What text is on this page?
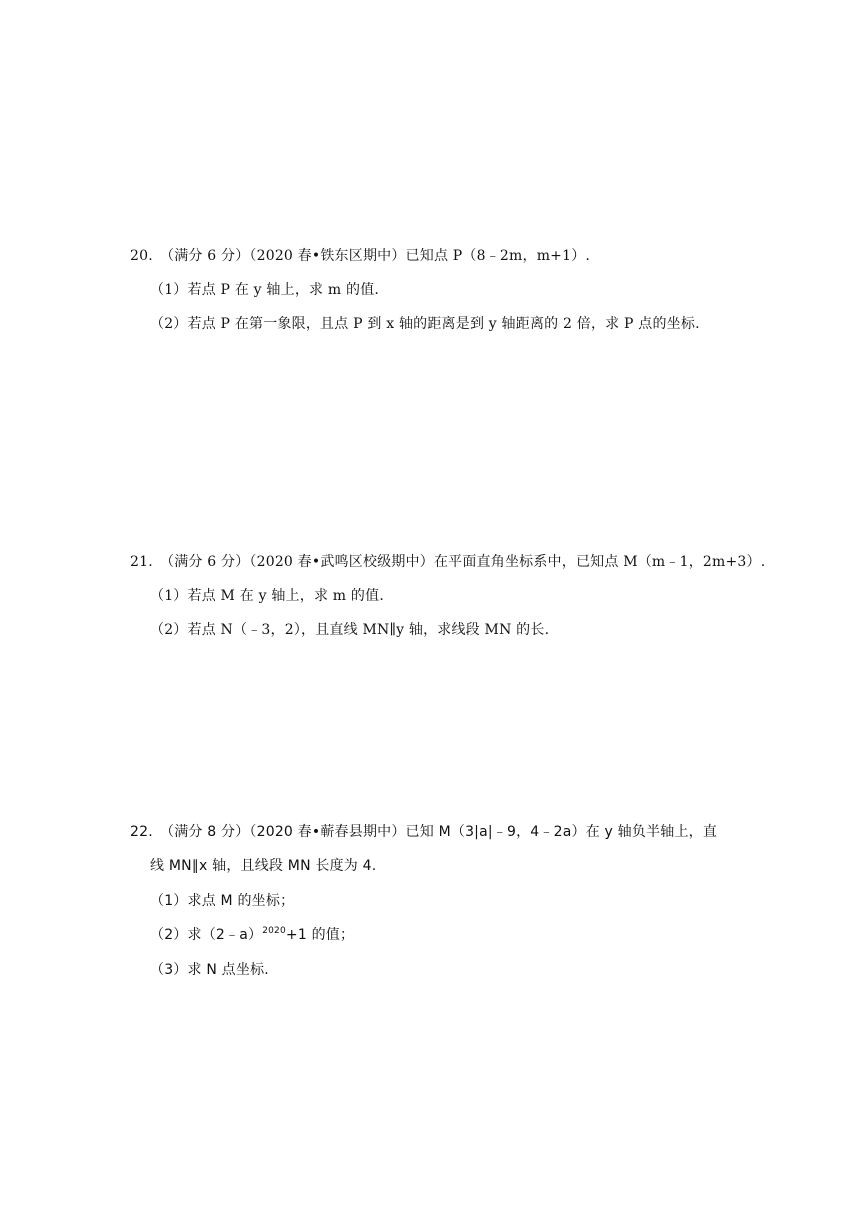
20. （满分 6 分）（2020 春•铁东区期中）已知点 P（8﹣2m，m+1）.
（1）若点 P 在 y 轴上，求 m 的值.
（2）若点 P 在第一象限，且点 P 到 x 轴的距离是到 y 轴距离的 2 倍，求 P 点的坐标.
21. （满分 6 分）（2020 春•武鸣区校级期中）在平面直角坐标系中，已知点 M（m﹣1，2m+3）.
（1）若点 M 在 y 轴上，求 m 的值.
（2）若点 N（﹣3，2），且直线 MN∥y 轴，求线段 MN 的长.
22. （满分 8 分）（2020 春•蕲春县期中）已知 M（3|a|﹣9，4﹣2a）在 y 轴负半轴上，直
线 MN∥x 轴，且线段 MN 长度为 4.
（1）求点 M 的坐标；
（2）求（2﹣a）$^{2020}$+1 的值；
（3）求 N 点坐标.
